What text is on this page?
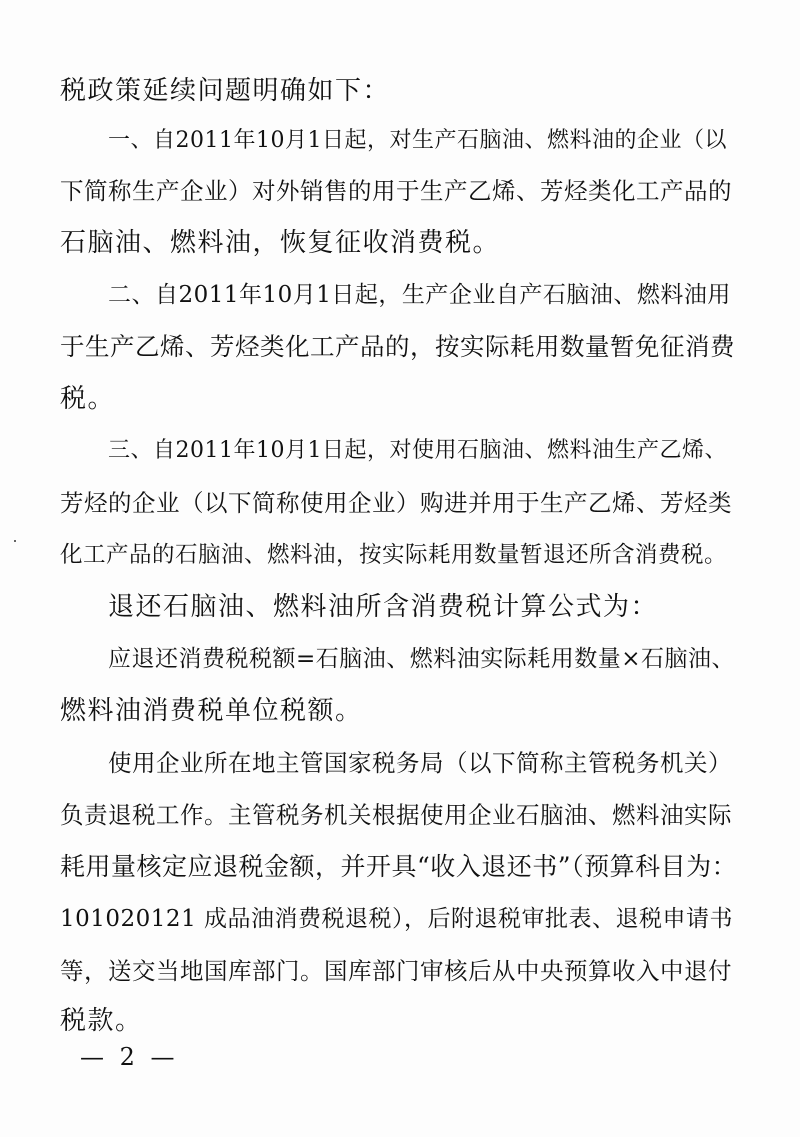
税政策延续问题明确如下：
一、自2011年10月1日起，对生产石脑油、燃料油的企业（以
下简称生产企业）对外销售的用于生产乙烯、芳烃类化工产品的
石脑油、燃料油，恢复征收消费税。
二、自2011年10月1日起，生产企业自产石脑油、燃料油用
于生产乙烯、芳烃类化工产品的，按实际耗用数量暂免征消费
税。
三、自2011年10月1日起，对使用石脑油、燃料油生产乙烯、
芳烃的企业（以下简称使用企业）购进并用于生产乙烯、芳烃类
化工产品的石脑油、燃料油，按实际耗用数量暂退还所含消费税。
退还石脑油、燃料油所含消费税计算公式为：
应退还消费税税额=石脑油、燃料油实际耗用数量×石脑油、
燃料油消费税单位税额。
使用企业所在地主管国家税务局（以下简称主管税务机关）
负责退税工作。主管税务机关根据使用企业石脑油、燃料油实际
耗用量核定应退税金额，并开具“收入退还书”（预算科目为：
101020121 成品油消费税退税），后附退税审批表、退税申请书
等，送交当地国库部门。国库部门审核后从中央预算收入中退付
税款。
— 2 —
